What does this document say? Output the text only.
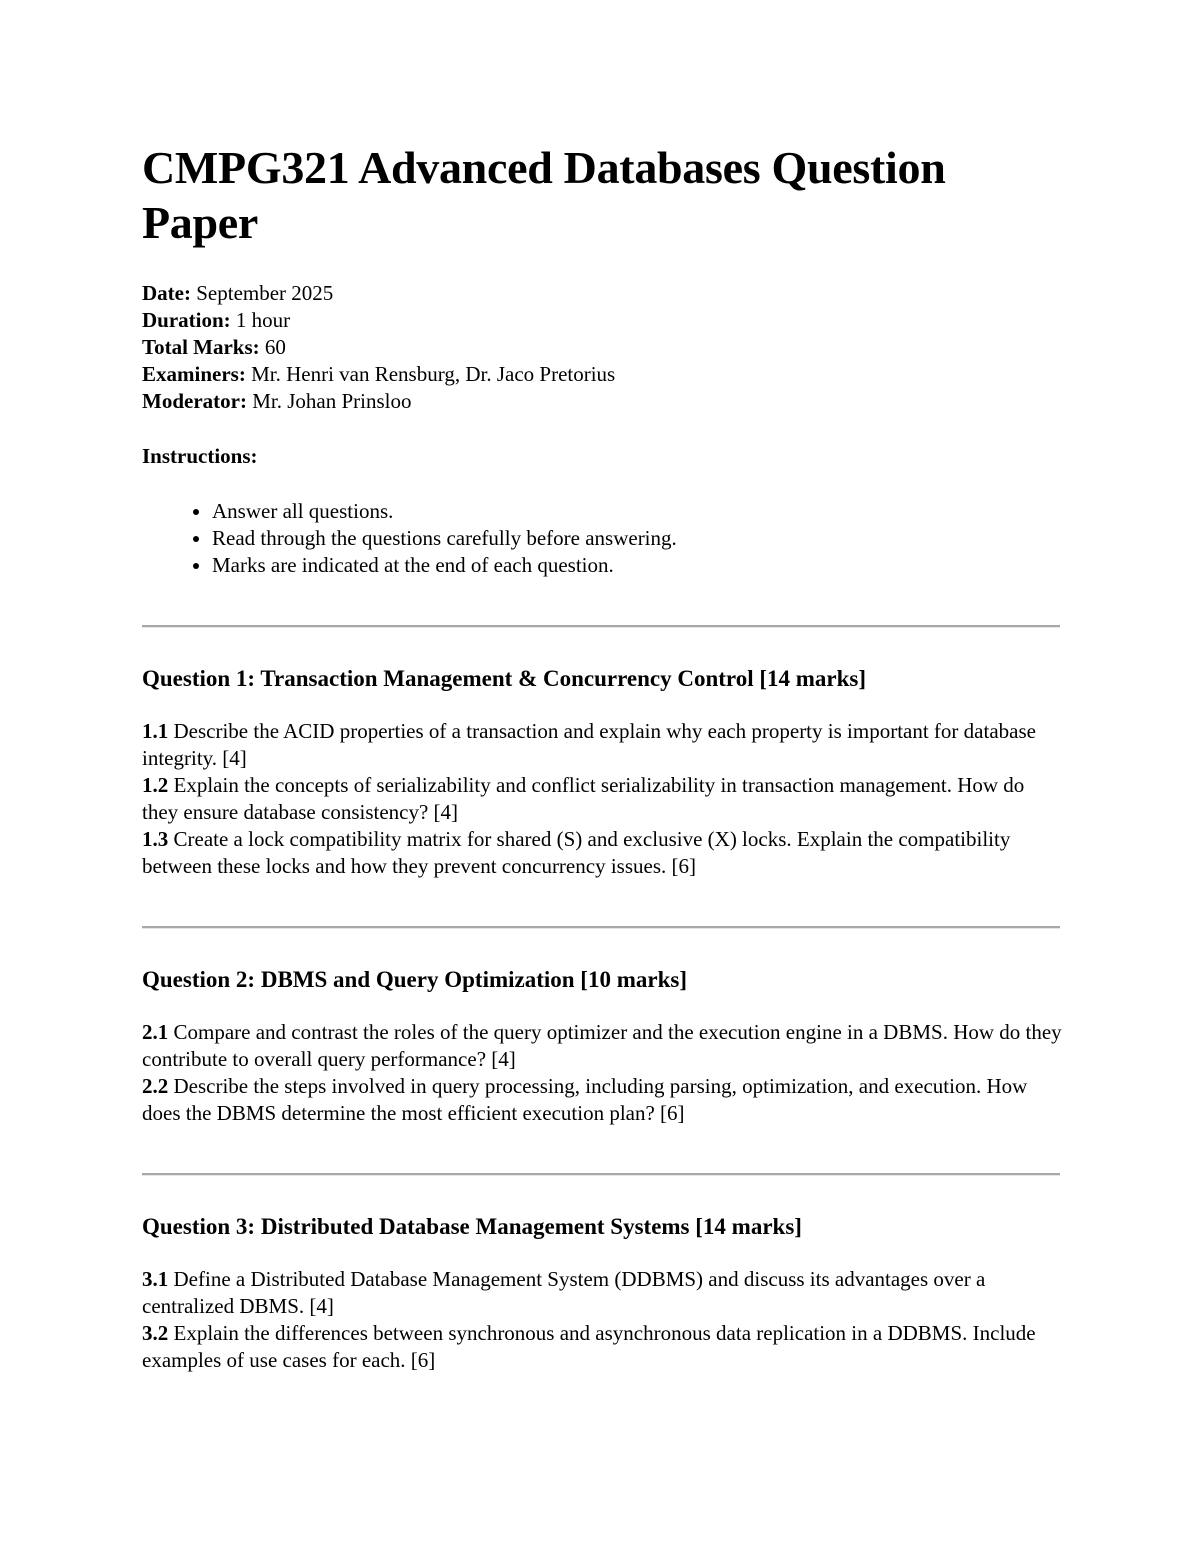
CMPG321 Advanced Databases Question Paper
Date: September 2025
Duration: 1 hour
Total Marks: 60
Examiners: Mr. Henri van Rensburg, Dr. Jaco Pretorius
Moderator: Mr. Johan Prinsloo
Instructions:
• Answer all questions.
• Read through the questions carefully before answering.
• Marks are indicated at the end of each question.
Question 1: Transaction Management & Concurrency Control [14 marks]
1.1 Describe the ACID properties of a transaction and explain why each property is important for database integrity. [4]
1.2 Explain the concepts of serializability and conflict serializability in transaction management. How do they ensure database consistency? [4]
1.3 Create a lock compatibility matrix for shared (S) and exclusive (X) locks. Explain the compatibility between these locks and how they prevent concurrency issues. [6]
Question 2: DBMS and Query Optimization [10 marks]
2.1 Compare and contrast the roles of the query optimizer and the execution engine in a DBMS. How do they contribute to overall query performance? [4]
2.2 Describe the steps involved in query processing, including parsing, optimization, and execution. How does the DBMS determine the most efficient execution plan? [6]
Question 3: Distributed Database Management Systems [14 marks]
3.1 Define a Distributed Database Management System (DDBMS) and discuss its advantages over a centralized DBMS. [4]
3.2 Explain the differences between synchronous and asynchronous data replication in a DDBMS. Include examples of use cases for each. [6]
